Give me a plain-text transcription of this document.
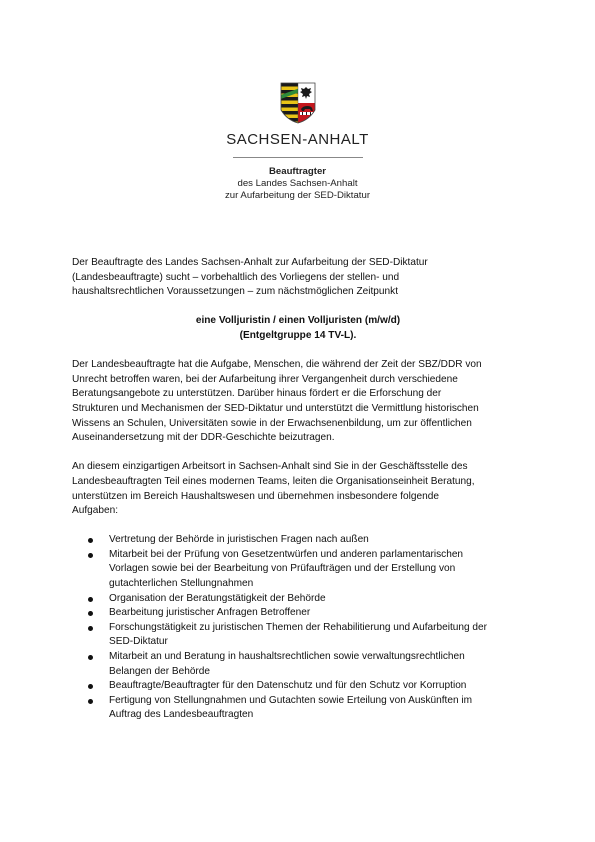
SACHSEN-ANHALT
Beauftragter
des Landes Sachsen-Anhalt
zur Aufarbeitung der SED-Diktatur
Der Beauftragte des Landes Sachsen-Anhalt zur Aufarbeitung der SED-Diktatur
(Landesbeauftragte) sucht – vorbehaltlich des Vorliegens der stellen- und
haushaltsrechtlichen Voraussetzungen – zum nächstmöglichen Zeitpunkt
eine Volljuristin / einen Volljuristen (m/w/d)
(Entgeltgruppe 14 TV-L).
Der Landesbeauftragte hat die Aufgabe, Menschen, die während der Zeit der SBZ/DDR von
Unrecht betroffen waren, bei der Aufarbeitung ihrer Vergangenheit durch verschiedene
Beratungsangebote zu unterstützen. Darüber hinaus fördert er die Erforschung der
Strukturen und Mechanismen der SED-Diktatur und unterstützt die Vermittlung historischen
Wissens an Schulen, Universitäten sowie in der Erwachsenenbildung, um zur öffentlichen
Auseinandersetzung mit der DDR-Geschichte beizutragen.
An diesem einzigartigen Arbeitsort in Sachsen-Anhalt sind Sie in der Geschäftsstelle des
Landesbeauftragten Teil eines modernen Teams, leiten die Organisationseinheit Beratung,
unterstützen im Bereich Haushaltswesen und übernehmen insbesondere folgende
Aufgaben:
Vertretung der Behörde in juristischen Fragen nach außen
Mitarbeit bei der Prüfung von Gesetzentwürfen und anderen parlamentarischen
Vorlagen sowie bei der Bearbeitung von Prüfaufträgen und der Erstellung von
gutachterlichen Stellungnahmen
Organisation der Beratungstätigkeit der Behörde
Bearbeitung juristischer Anfragen Betroffener
Forschungstätigkeit zu juristischen Themen der Rehabilitierung und Aufarbeitung der
SED-Diktatur
Mitarbeit an und Beratung in haushaltsrechtlichen sowie verwaltungsrechtlichen
Belangen der Behörde
Beauftragte/Beauftragter für den Datenschutz und für den Schutz vor Korruption
Fertigung von Stellungnahmen und Gutachten sowie Erteilung von Auskünften im
Auftrag des Landesbeauftragten
